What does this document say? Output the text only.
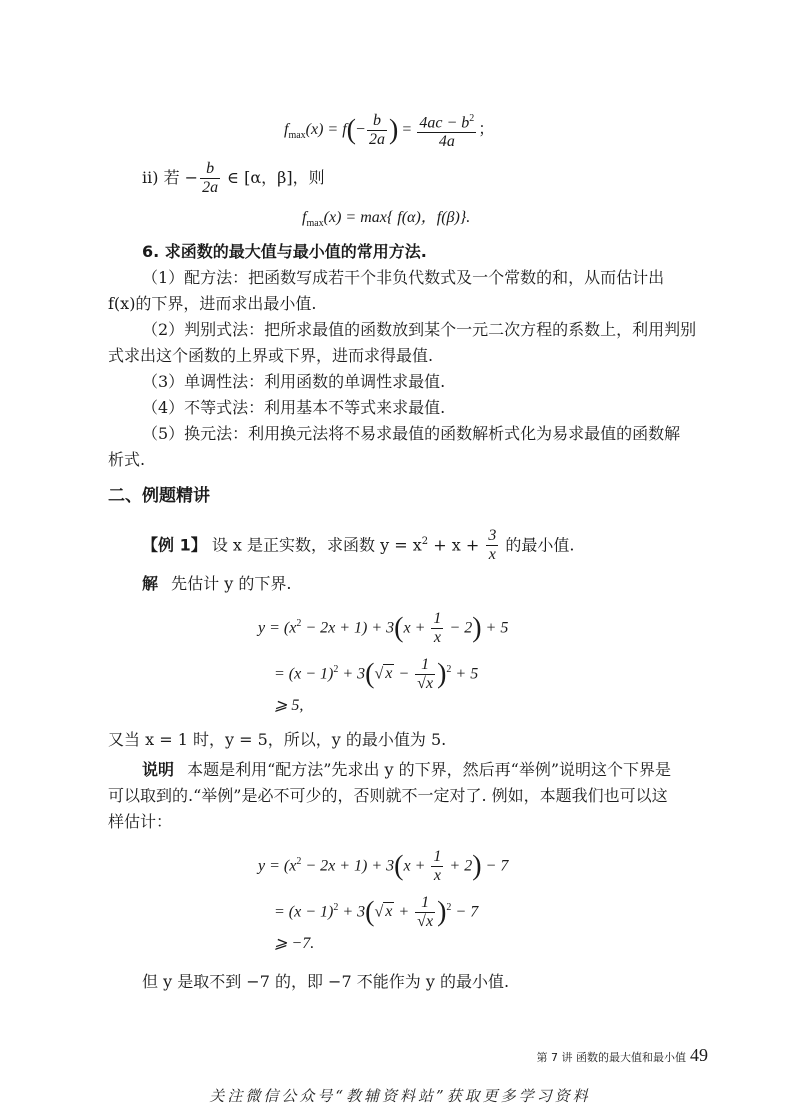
$f_{max}(x) = f(- \frac{b}{2a}$ ) = $\frac{4ac - b^2}{4a}$ ；
ii) 若 − $\frac{b}{2a}$ ∈ [α，β]，则
$f_{max}(x) = \max${ f(α)，f(β)}.
6. 求函数的最大值与最小值的常用方法.
（1）配方法：把函数写成若干个非负代数式及一个常数的和，从而估计出
f(x)的下界，进而求出最小值.
（2）判别式法：把所求最值的函数放到某个一元二次方程的系数上，利用判别
式求出这个函数的上界或下界，进而求得最值.
（3）单调性法：利用函数的单调性求最值.
（4）不等式法：利用基本不等式来求最值.
（5）换元法：利用换元法将不易求最值的函数解析式化为易求最值的函数解
析式.
二、例题精讲
【例 1】 设 x 是正实数，求函数 $y = x^2 + x + \frac{3}{x}$ 的最小值.
解 先估计 y 的下界.
$y = (x^2 - 2x + 1) + 3(x + \frac{1}{x} - 2) + 5$
= $(x - 1)^2 + 3(√$ $x - \frac{1}{√x} )^2 + 5$
⩾ 5,
又当 x = 1 时，y = 5，所以，y 的最小值为 5.
说明 本题是利用“配方法”先求出 y 的下界，然后再“举例”说明这个下界是
可以取到的.“举例”是必不可少的，否则就不一定对了. 例如，本题我们也可以这
样估计：
$y = (x^2 - 2x + 1) + 3(x + \frac{1}{x} + 2) - 7$
= $(x - 1)^2 + 3(√$ $x + \frac{1}{√x} )^2 - 7$
⩾ −7.
但 y 是取不到 −7 的，即 −7 不能作为 y 的最小值.
第 7 讲 函数的最大值和最小值 49
关注微信公众号“教辅资料站”获取更多学习资料
